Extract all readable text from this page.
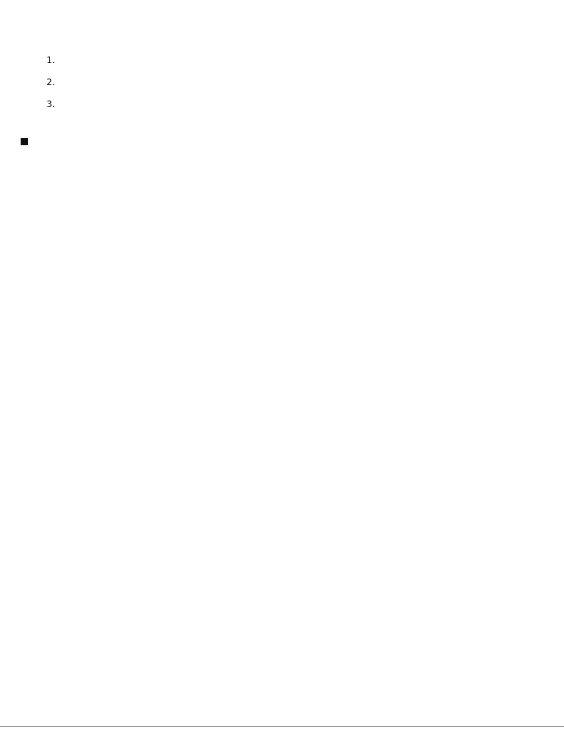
1.
2.
3.
